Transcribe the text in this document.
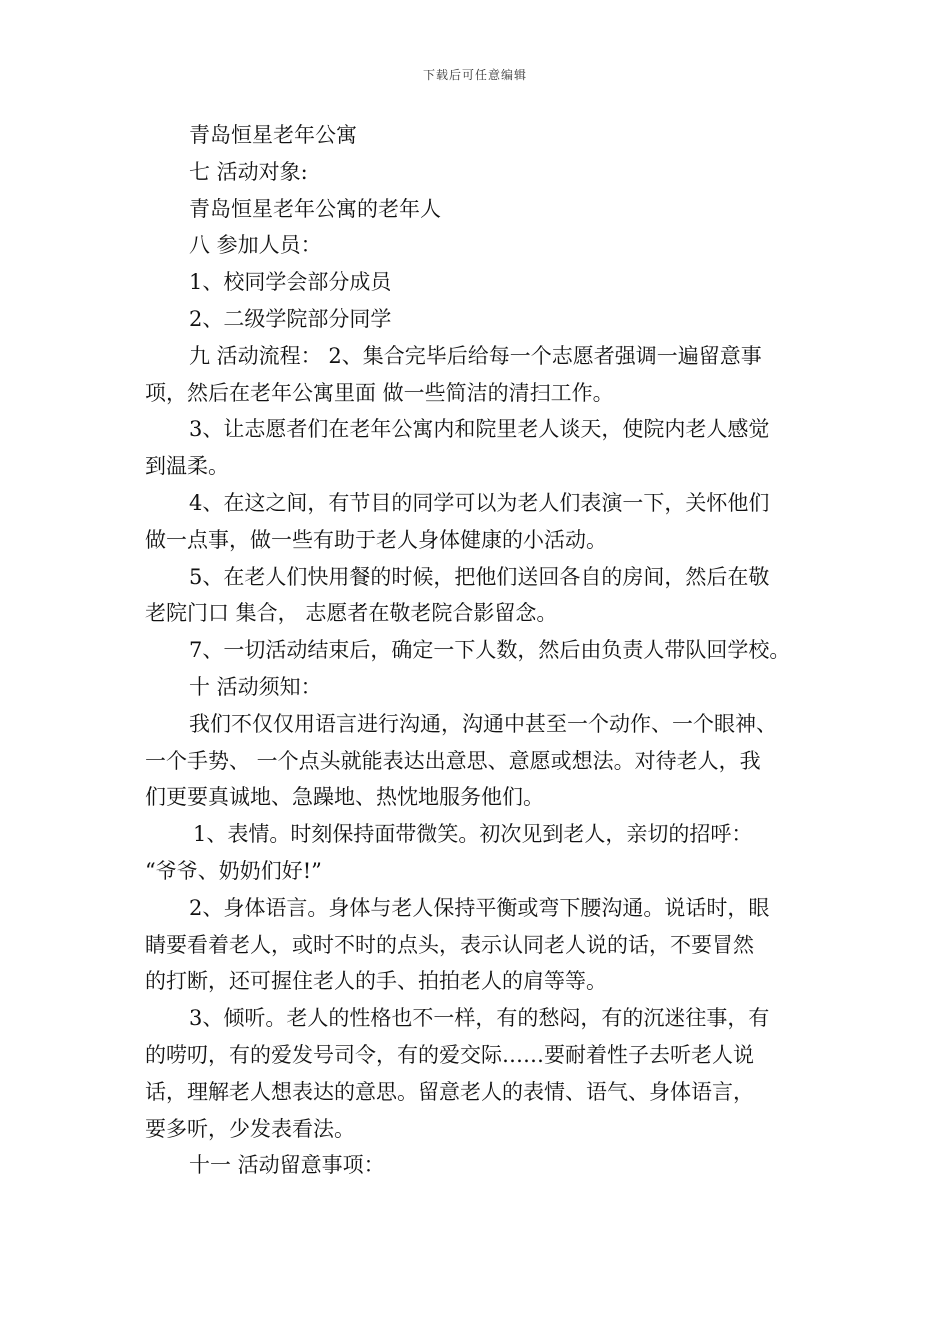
下载后可任意编辑

青岛恒星老年公寓

七 活动对象:

青岛恒星老年公寓的老年人

八 参加人员：

1、校同学会部分成员

2、二级学院部分同学

九 活动流程： 2、集合完毕后给每一个志愿者强调一遍留意事

项，然后在老年公寓里面 做一些简洁的清扫工作。

3、让志愿者们在老年公寓内和院里老人谈天，使院内老人感觉

到温柔。

4、在这之间，有节目的同学可以为老人们表演一下，关怀他们

做一点事，做一些有助于老人身体健康的小活动。

5、在老人们快用餐的时候，把他们送回各自的房间，然后在敬

老院门口 集合， 志愿者在敬老院合影留念。

7、一切活动结束后，确定一下人数，然后由负责人带队回学校。

十 活动须知：

我们不仅仅用语言进行沟通，沟通中甚至一个动作、一个眼神、

一个手势、 一个点头就能表达出意思、意愿或想法。对待老人，我

们更要真诚地、急躁地、热忱地服务他们。

1、表情。时刻保持面带微笑。初次见到老人，亲切的招呼：

“爷爷、奶奶们好!”

2、身体语言。身体与老人保持平衡或弯下腰沟通。说话时，眼

睛要看着老人，或时不时的点头，表示认同老人说的话，不要冒然

的打断，还可握住老人的手、拍拍老人的肩等等。

3、倾听。老人的性格也不一样，有的愁闷，有的沉迷往事，有

的唠叨，有的爱发号司令，有的爱交际……要耐着性子去听老人说

话，理解老人想表达的意思。留意老人的表情、语气、身体语言，

要多听，少发表看法。

十一 活动留意事项：
